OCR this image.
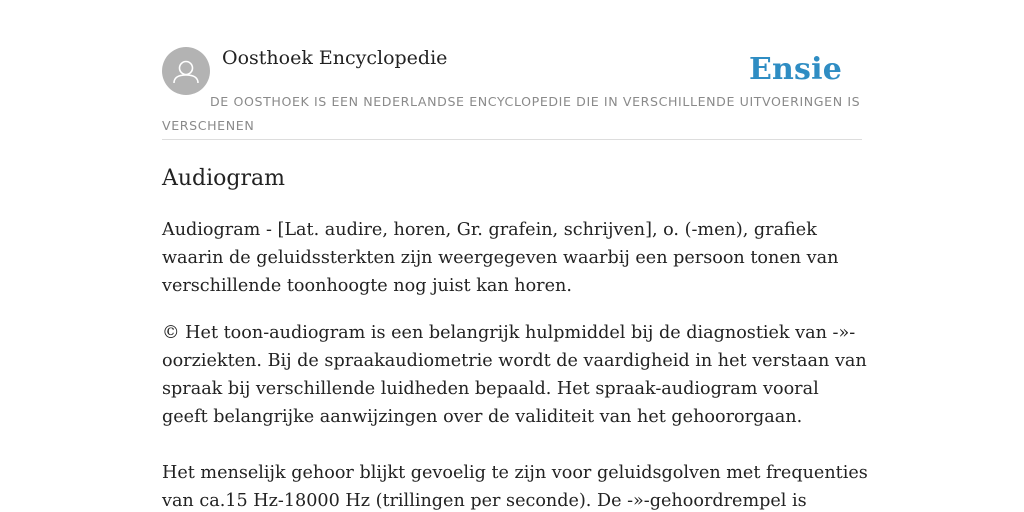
Oosthoek Encyclopedie	Ensie
DE OOSTHOEK IS EEN NEDERLANDSE ENCYCLOPEDIE DIE IN VERSCHILLENDE UITVOERINGEN IS VERSCHENEN
Audiogram

Audiogram - [Lat. audire, horen, Gr. grafein, schrijven], o. (-men), grafiek waarin de geluidssterkten zijn weergegeven waarbij een persoon tonen van verschillende toonhoogte nog juist kan horen.

© Het toon-audiogram is een belangrijk hulpmiddel bij de diagnostiek van -»-oorziekten. Bij de spraakaudiometrie wordt de vaardigheid in het verstaan van spraak bij verschillende luidheden bepaald. Het spraak-audiogram vooral geeft belangrijke aanwijzingen over de validiteit van het gehoororgaan.

Het menselijk gehoor blijkt gevoelig te zijn voor geluidsgolven met frequenties van ca.15 Hz-18000 Hz (trillingen per seconde). De -»-gehoordrempel is
